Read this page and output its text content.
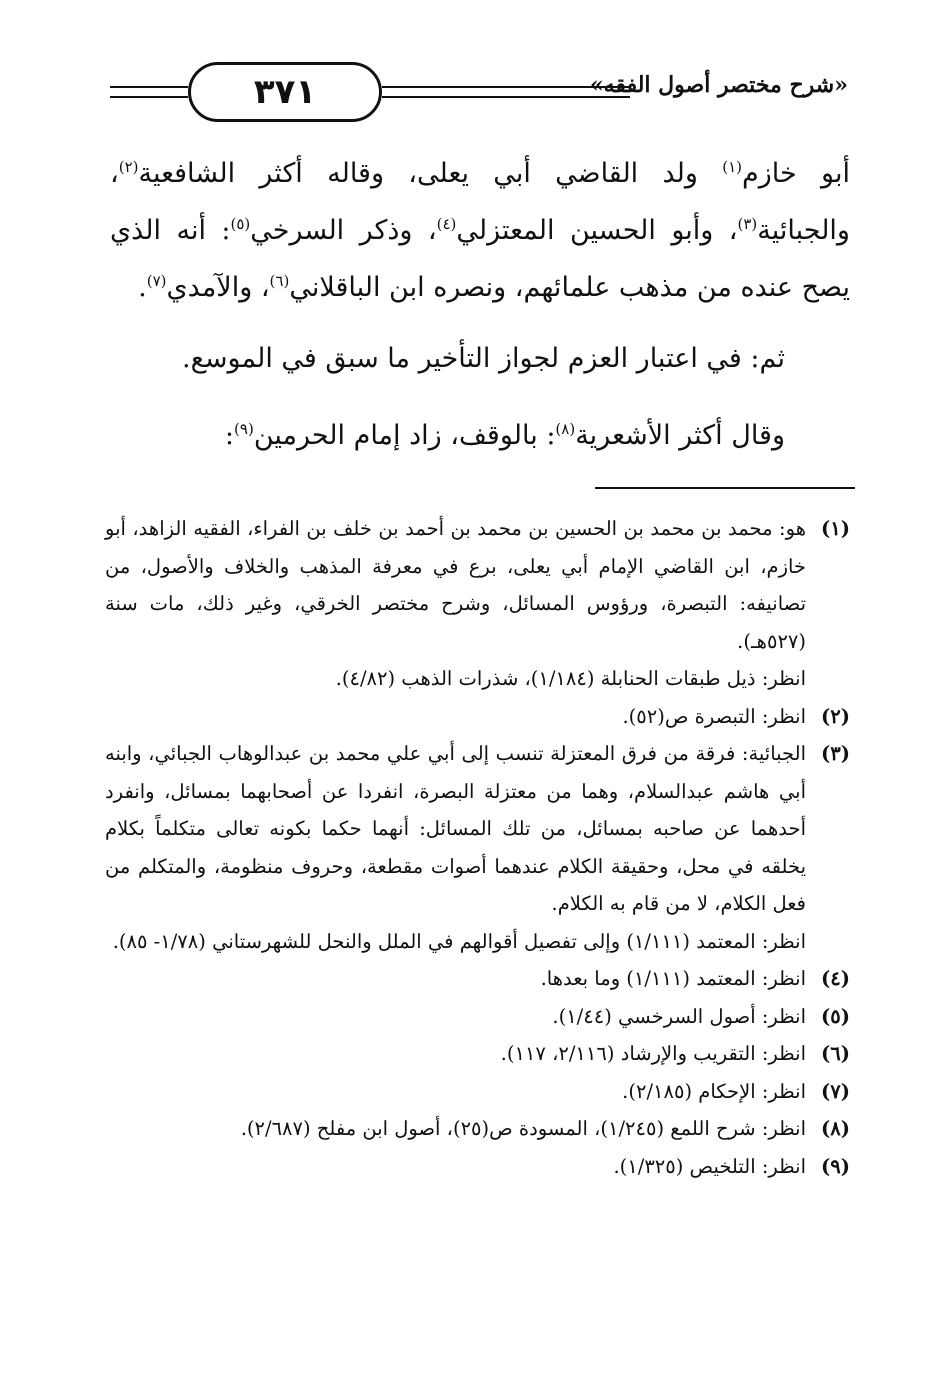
٣٧١	«شرح مختصر أصول الفقه»

أبو خازم$^{(١)}$ ولد القاضي أبي يعلى، وقاله أكثر الشافعية$^{(٢)}$، والجبائية$^{(٣)}$، وأبو الحسين المعتزلي$^{(٤)}$، وذكر السرخي$^{(٥)}$: أنه الذي يصح عنده من مذهب علمائهم، ونصره ابن الباقلاني$^{(٦)}$، والآمدي$^{(٧)}$.

ثم: في اعتبار العزم لجواز التأخير ما سبق في الموسع.

وقال أكثر الأشعرية$^{(٨)}$: بالوقف، زاد إمام الحرمين$^{(٩)}$:

(١)

هو: محمد بن محمد بن الحسين بن محمد بن أحمد بن خلف بن الفراء، الفقيه الزاهد، أبو خازم، ابن القاضي الإمام أبي يعلى، برع في معرفة المذهب والخلاف والأصول، من تصانيفه: التبصرة، ورؤوس المسائل، وشرح مختصر الخرقي، وغير ذلك، مات سنة (٥٢٧هـ).

انظر: ذيل طبقات الحنابلة (١/١٨٤)، شذرات الذهب (٤/٨٢).

(٢)

انظر: التبصرة ص(٥٢).

(٣)

الجبائية: فرقة من فرق المعتزلة تنسب إلى أبي علي محمد بن عبدالوهاب الجبائي، وابنه أبي هاشم عبدالسلام، وهما من معتزلة البصرة، انفردا عن أصحابهما بمسائل، وانفرد أحدهما عن صاحبه بمسائل، من تلك المسائل: أنهما حكما بكونه تعالى متكلماً بكلام يخلقه في محل، وحقيقة الكلام عندهما أصوات مقطعة، وحروف منظومة، والمتكلم من فعل الكلام، لا من قام به الكلام.

انظر: المعتمد (١/١١١) وإلى تفصيل أقوالهم في الملل والنحل للشهرستاني (١/٧٨- ٨٥).

(٤)

انظر: المعتمد (١/١١١) وما بعدها.

(٥)

انظر: أصول السرخسي (١/٤٤).

(٦)

انظر: التقريب والإرشاد (٢/١١٦، ١١٧).

(٧)

انظر: الإحكام (٢/١٨٥).

(٨)

انظر: شرح اللمع (١/٢٤٥)، المسودة ص(٢٥)، أصول ابن مفلح (٢/٦٨٧).

(٩)

انظر: التلخيص (١/٣٢٥).
